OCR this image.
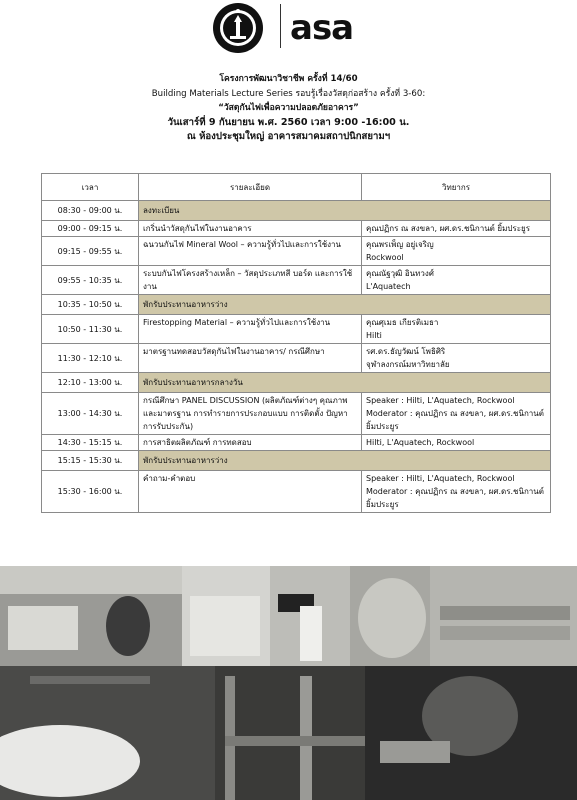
asa
โครงการพัฒนาวิชาชีพ ครั้งที่ 14/60
Building Materials Lecture Series รอบรู้เรื่องวัสดุก่อสร้าง ครั้งที่ 3-60:
“วัสดุกันไฟเพื่อความปลอดภัยอาคาร”
วันเสาร์ที่ 9 กันยายน พ.ศ. 2560 เวลา 9:00 -16:00 น.
ณ ห้องประชุมใหญ่ อาคารสมาคมสถาปนิกสยามฯ
เวลา	รายละเอียด	วิทยากร
08:30 - 09:00 น.	ลงทะเบียน	
09:00 - 09:15 น.	เกริ่นนำวัสดุกันไฟในงานอาคาร	คุณปฏิกร ณ สงขลา, ผศ.ดร.ชนิกานต์ ยิ้มประยูร
09:15 - 09:55 น.	ฉนวนกันไฟ Mineral Wool – ความรู้ทั่วไปและการใช้งาน	คุณพรเพ็ญ อยู่เจริญ
Rockwool
09:55 - 10:35 น.	ระบบกันไฟโครงสร้างเหล็ก – วัสดุประเภทสี บอร์ด และการใช้งาน	คุณณัฐวุฒิ อินทวงศ์
L'Aquatech
10:35 - 10:50 น.	พักรับประทานอาหารว่าง	
10:50 - 11:30 น.	Firestopping Material – ความรู้ทั่วไปและการใช้งาน	คุณศุเมธ เกียรติเมธา
Hilti
11:30 - 12:10 น.	มาตรฐานทดสอบวัสดุกันไฟในงานอาคาร/ กรณีศึกษา	รศ.ดร.ธัญวัฒน์ โพธิศิริ
จุฬาลงกรณ์มหาวิทยาลัย
12:10 - 13:00 น.	พักรับประทานอาหารกลางวัน	
13:00 - 14:30 น.	กรณีศึกษา PANEL DISCUSSION (ผลิตภัณฑ์ต่างๆ คุณภาพ และมาตรฐาน การทำรายการประกอบแบบ การติดตั้ง ปัญหา การรับประกัน)	Speaker : Hilti, L'Aquatech, Rockwool
Moderator : คุณปฏิกร ณ สงขลา, ผศ.ดร.ชนิกานต์ ยิ้มประยูร
14:30 - 15:15 น.	การสาธิตผลิตภัณฑ์ การทดสอบ	Hilti, L'Aquatech, Rockwool
15:15 - 15:30 น.	พักรับประทานอาหารว่าง	
15:30 - 16:00 น.	คำถาม-คำตอบ	Speaker : Hilti, L'Aquatech, Rockwool
Moderator : คุณปฏิกร ณ สงขลา, ผศ.ดร.ชนิกานต์ ยิ้มประยูร
